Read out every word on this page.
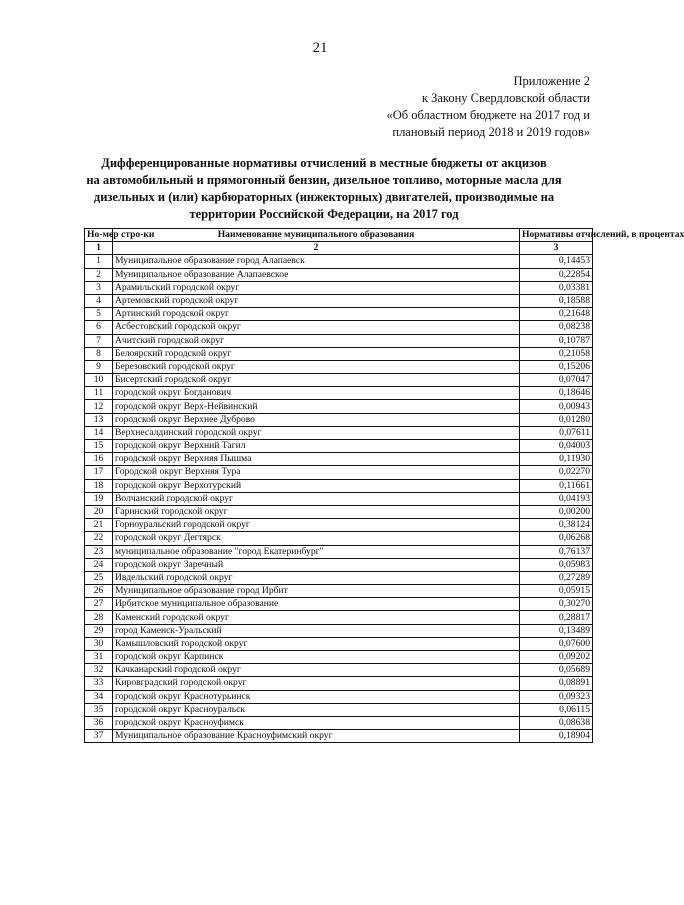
21
Приложение 2
к Закону Свердловской области
«Об областном бюджете на 2017 год и
плановый период 2018 и 2019 годов»
Дифференцированные нормативы отчислений в местные бюджеты от акцизов
на автомобильный и прямогонный бензин, дизельное топливо, моторные масла для
дизельных и (или) карбюраторных (инжекторных) двигателей, производимые на
территории Российской Федерации, на 2017 год
Но-мер стро-ки	Наименование муниципального образования	Нормативы отчислений, в процентах
1	2	3
1	Муниципальное образование город Алапаевск	0,14453
2	Муниципальное образование Алапаевское	0,22854
3	Арамильский городской округ	0,03381
4	Артемовский городской округ	0,18588
5	Артинский городской округ	0,21648
6	Асбестовский городской округ	0,08238
7	Ачитский городской округ	0,10787
8	Белоярский городской округ	0,21058
9	Березовский городской округ	0,15206
10	Бисертский городской округ	0,07047
11	городской округ Богданович	0,18646
12	городской округ Верх-Нейвинский	0,00943
13	городской округ Верхнее Дуброво	0,01280
14	Верхнесалдинский городской округ	0,07611
15	городской округ Верхний Тагил	0,04003
16	городской округ Верхняя Пышма	0,11930
17	Городской округ Верхняя Тура	0,02270
18	городской округ Верхотурский	0,11661
19	Волчанский городской округ	0,04193
20	Гаринский городской округ	0,00200
21	Горноуральский городской округ	0,38124
22	городской округ Дегтярск	0,06268
23	муниципальное образование "город Екатеринбург"	0,76137
24	городской округ Заречный	0,05983
25	Ивдельский городской округ	0,27289
26	Муниципальное образование город Ирбит	0,05915
27	Ирбитское муниципальное образование	0,30270
28	Каменский городской округ	0,28817
29	город Каменск-Уральский	0,13489
30	Камышловский городской округ	0,07600
31	городской округ Карпинск	0,09202
32	Качканарский городской округ	0,05689
33	Кировградский городской округ	0,08891
34	городской округ Краснотурьинск	0,09323
35	городской округ Красноуральск	0,06115
36	городской округ Красноуфимск	0,08638
37	Муниципальное образование Красноуфимский округ	0,18904
